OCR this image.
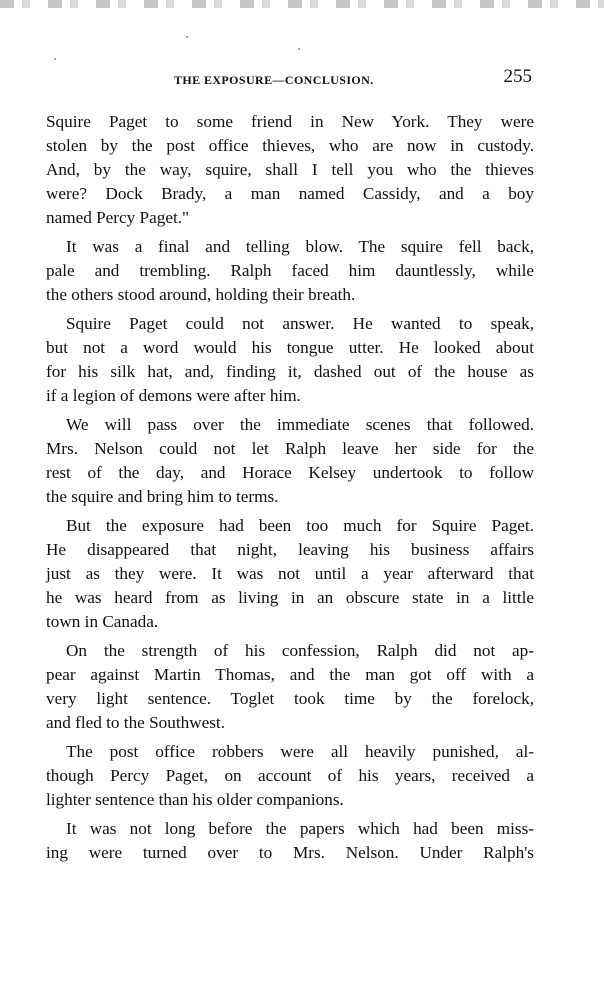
THE EXPOSURE—CONCLUSION.	255
Squire Paget to some friend in New York. They were
stolen by the post office thieves, who are now in custody.
And, by the way, squire, shall I tell you who the thieves
were? Dock Brady, a man named Cassidy, and a boy
named Percy Paget."
It was a final and telling blow. The squire fell back,
pale and trembling. Ralph faced him dauntlessly, while
the others stood around, holding their breath.
Squire Paget could not answer. He wanted to speak,
but not a word would his tongue utter. He looked about
for his silk hat, and, finding it, dashed out of the house as
if a legion of demons were after him.
We will pass over the immediate scenes that followed.
Mrs. Nelson could not let Ralph leave her side for the
rest of the day, and Horace Kelsey undertook to follow
the squire and bring him to terms.
But the exposure had been too much for Squire Paget.
He disappeared that night, leaving his business affairs
just as they were. It was not until a year afterward that
he was heard from as living in an obscure state in a little
town in Canada.
On the strength of his confession, Ralph did not ap-
pear against Martin Thomas, and the man got off with a
very light sentence. Toglet took time by the forelock,
and fled to the Southwest.
The post office robbers were all heavily punished, al-
though Percy Paget, on account of his years, received a
lighter sentence than his older companions.
It was not long before the papers which had been miss-
ing were turned over to Mrs. Nelson. Under Ralph's
